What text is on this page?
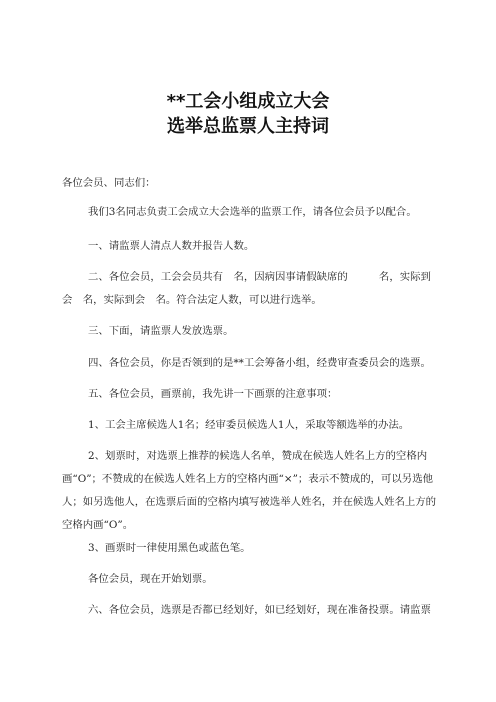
**工会小组成立大会
选举总监票人主持词

各位会员、同志们：

我们3名同志负责工会成立大会选举的监票工作，请各位会员予以配合。

一、请监票人清点人数并报告人数。

二、各位会员，工会会员共有　名，因病因事请假缺席的　　　名，实际到会　名，实际到会　名。符合法定人数，可以进行选举。

三、下面，请监票人发放选票。

四、各位会员，你是否领到的是**工会筹备小组，经费审查委员会的选票。

五、各位会员，画票前，我先讲一下画票的注意事项：

1、工会主席候选人1名；经审委员候选人1人，采取等额选举的办法。

2、划票时，对选票上推荐的候选人名单，赞成在候选人姓名上方的空格内画“O”；不赞成的在候选人姓名上方的空格内画“×”；表示不赞成的，可以另选他人；如另选他人，在选票后面的空格内填写被选举人姓名，并在候选人姓名上方的空格内画“O”。

3、画票时一律使用黑色或蓝色笔。

各位会员，现在开始划票。

六、各位会员，选票是否都已经划好，如已经划好，现在准备投票。请监票
